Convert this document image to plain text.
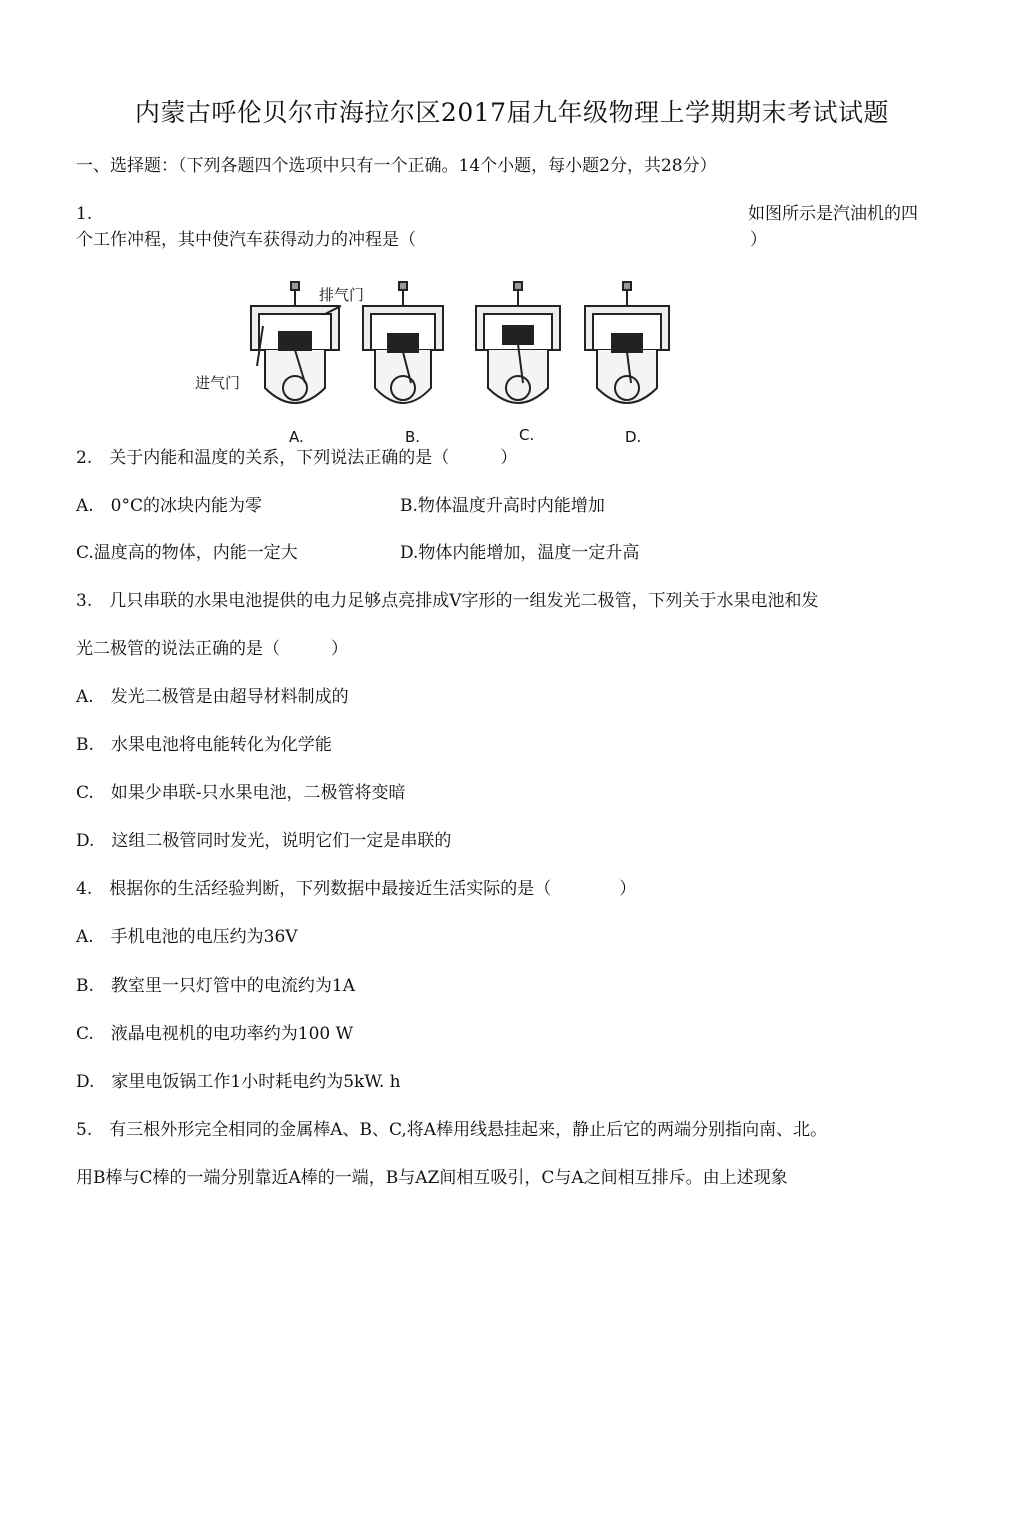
内蒙古呼伦贝尔市海拉尔区2017届九年级物理上学期期末考试试题
一、选择题：（下列各题四个选项中只有一个正确。14个小题，每小题2分，共28分）
1.	如图所示是汽油机的四
个工作冲程，其中使汽车获得动力的冲程是（	）
排气门
进气门
A.	B.	C.	D.
2.　关于内能和温度的关系，下列说法正确的是（　　　）
A.　0°C的冰块内能为零	B.物体温度升高时内能增加
C.温度高的物体，内能一定大	D.物体内能增加，温度一定升高
3.　几只串联的水果电池提供的电力足够点亮排成V字形的一组发光二极管，下列关于水果电池和发
光二极管的说法正确的是（　　　）
A.　发光二极管是由超导材料制成的
B.　水果电池将电能转化为化学能
C.　如果少串联-只水果电池，二极管将变暗
D.　这组二极管同时发光，说明它们一定是串联的
4.　根据你的生活经验判断，下列数据中最接近生活实际的是（　　　　）
A.　手机电池的电压约为36V
B.　教室里一只灯管中的电流约为1A
C.　液晶电视机的电功率约为100 W
D.　家里电饭锅工作1小时耗电约为5kW. h
5.　有三根外形完全相同的金属棒A、B、C,将A棒用线悬挂起来，静止后它的两端分别指向南、北。
用B棒与C棒的一端分别靠近A棒的一端，B与AZ间相互吸引，C与A之间相互排斥。由上述现象
